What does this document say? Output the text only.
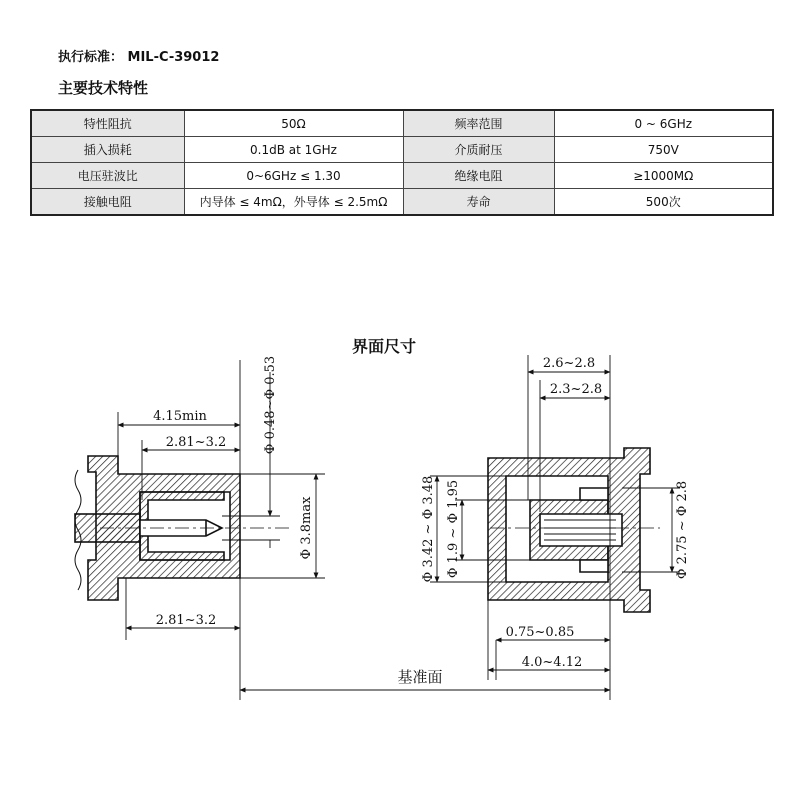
执行标准： MIL-C-39012
主要技术特性
特性阻抗	50Ω	频率范围	0 ~ 6GHz
插入损耗	0.1dB at 1GHz	介质耐压	750V
电压驻波比	0~6GHz ≤ 1.30	绝缘电阻	≥1000MΩ
接触电阻	内导体 ≤ 4mΩ，外导体 ≤ 2.5mΩ	寿命	500次
界面尺寸
4.15min
2.81~3.2
2.81~3.2
Φ 0.48~Φ 0.53
Φ 3.8max
2.6~2.8
2.3~2.8
Φ 3.42 ~ Φ 3.48 Φ 1.9 ~ Φ 1.95	Φ 2.75 ~ Φ 2.8
0.75~0.85
4.0~4.12
基准面
